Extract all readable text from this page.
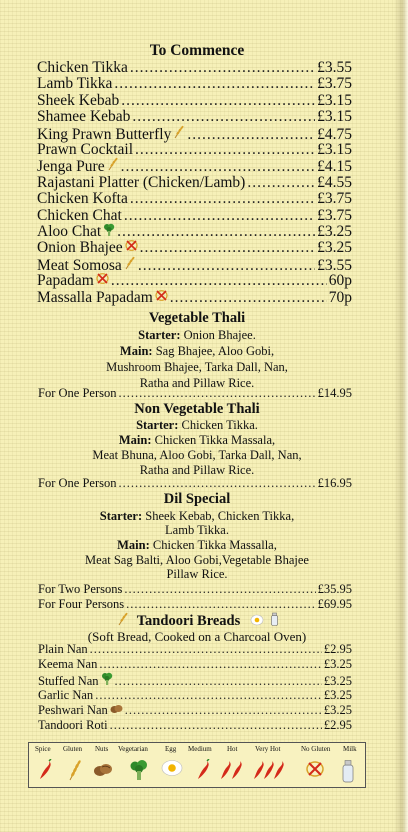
To Commence
Chicken Tikka .....	£3.55
Lamb Tikka .....	£3.75
Sheek Kebab .....	£3.15
Shamee Kebab .....	£3.15
King Prawn Butterfly .....	£4.75
Prawn Cocktail .....	£3.15
Jenga Pure .....	£4.15
Rajastani Platter (Chicken/Lamb) .....	£4.55
Chicken Kofta .....	£3.75
Chicken Chat .....	£3.75
Aloo Chat .....	£3.25
Onion Bhajee .....	£3.25
Meat Somosa .....	£3.55
Papadam .....	60p
Massalla Papadam .....	70p
Vegetable Thali
Starter: Onion Bhajee.
Main: Sag Bhajee, Aloo Gobi,
Mushroom Bhajee, Tarka Dall, Nan,
Ratha and Pillaw Rice.
For One Person .....	£14.95
Non Vegetable Thali
Starter: Chicken Tikka.
Main: Chicken Tikka Massala,
Meat Bhuna, Aloo Gobi, Tarka Dall, Nan,
Ratha and Pillaw Rice.
For One Person .....	£16.95
Dil Special
Starter: Sheek Kebab, Chicken Tikka,
Lamb Tikka.
Main: Chicken Tikka Massalla,
Meat Sag Balti, Aloo Gobi,Vegetable Bhajee
Pillaw Rice.
For Two Persons .....	£35.95
For Four Persons .....	£69.95
Tandoori Breads
(Soft Bread, Cooked on a Charcoal Oven)
Plain Nan .....	£2.95
Keema Nan .....	£3.25
Stuffed Nan .....	£3.25
Garlic Nan .....	£3.25
Peshwari Nan .....	£3.25
Tandoori Roti .....	£2.95
Spice Gluten Nuts Vegetarian Egg Medium Hot	Very Hot	No Gluten Milk
